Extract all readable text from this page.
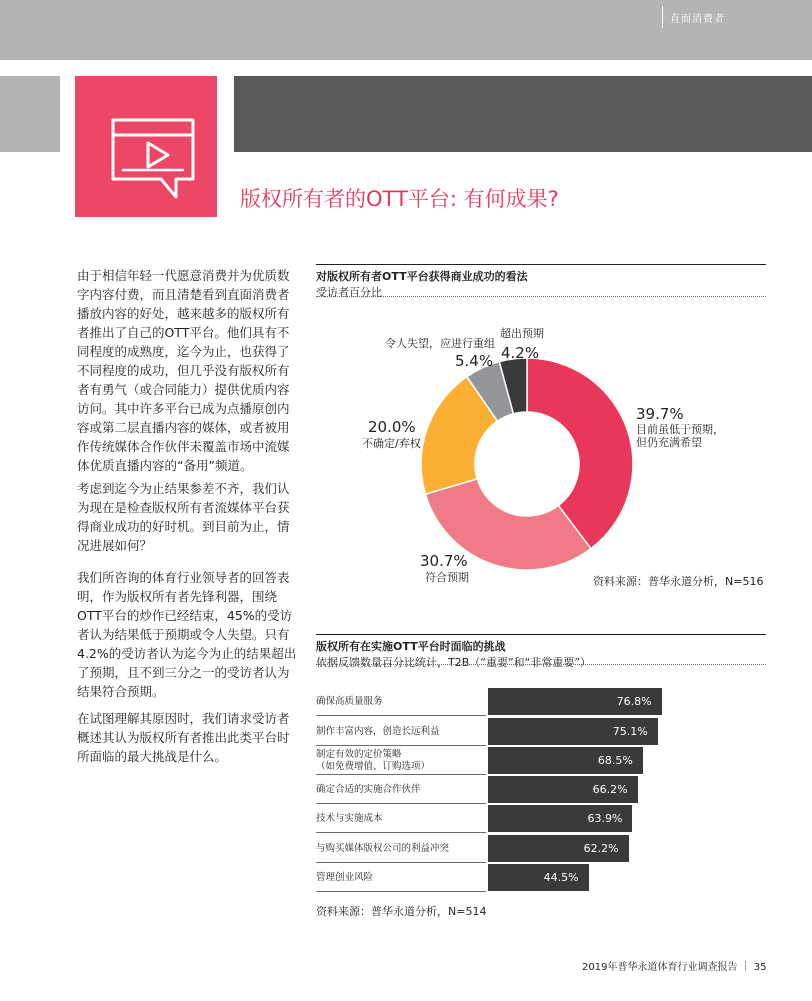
直面消费者
版权所有者的OTT平台: 有何成果?
由于相信年轻一代愿意消费并为优质数字内容付费，而且清楚看到直面消费者播放内容的好处，越来越多的版权所有者推出了自己的OTT平台。他们具有不同程度的成熟度，迄今为止，也获得了不同程度的成功，但几乎没有版权所有者有勇气（或合同能力）提供优质内容访问。其中许多平台已成为点播原创内容或第二层直播内容的媒体，或者被用作传统媒体合作伙伴未覆盖市场中流媒体优质直播内容的“备用”频道。
考虑到迄今为止结果参差不齐，我们认为现在是检查版权所有者流媒体平台获得商业成功的好时机。到目前为止，情况进展如何？
我们所咨询的体育行业领导者的回答表明，作为版权所有者先锋利器，围绕OTT平台的炒作已经结束，45%的受访者认为结果低于预期或令人失望。只有4.2%的受访者认为迄今为止的结果超出了预期，且不到三分之一的受访者认为结果符合预期。
在试图理解其原因时，我们请求受访者概述其认为版权所有者推出此类平台时所面临的最大挑战是什么。
对版权所有者OTT平台获得商业成功的看法
受访者百分比
4.2%
超出预期
5.4%
令人失望，应进行重组
39.7%
目前虽低于预期，
但仍充满希望
20.0%
不确定/弃权
30.7%
符合预期	资料来源：普华永道分析，N=516
版权所有在实施OTT平台时面临的挑战
依据反馈数量百分比统计，T2B（“重要”和“非常重要”）
确保高质量服务	76.8%
制作丰富内容，创造长远利益	75.1%
制定有效的定价策略
（如免费增值、订购选项）	68.5%
确定合适的实施合作伙伴	66.2%
技术与实施成本	63.9%
与购买媒体版权公司的利益冲突	62.2%
管理创业风险	44.5%
资料来源：普华永道分析，N=514
2019年普华永道体育行业调查报告 ｜ 35
